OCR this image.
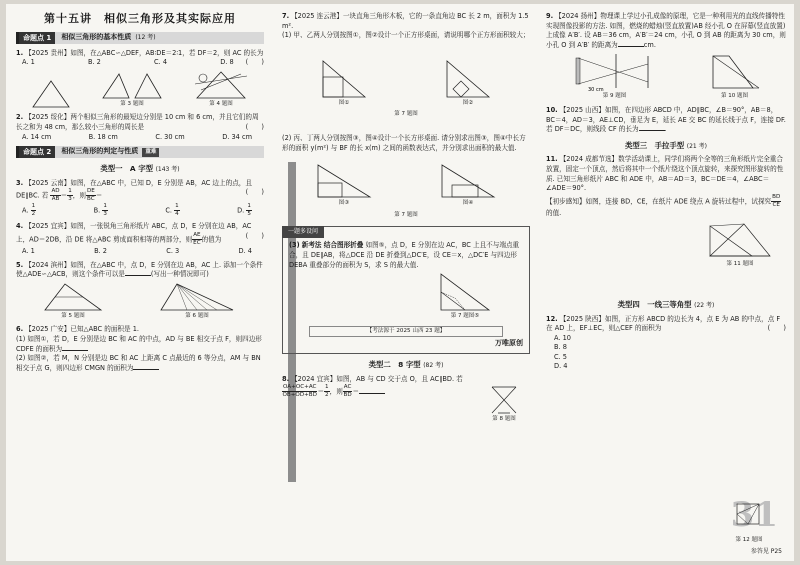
第十五讲　相似三角形及其实际应用
命题点 1	相似三角形的基本性质 (12 考)
1. 【2025 贵州】如图，在△ABC∽△DEF，AB∶DE＝2∶1，若 DF＝2，则 AC 的长为
(　　)
A. 1	B. 2	C. 4	D. 8
第 3 题图	第 4 题图
2. 【2025 绥化】两个相似三角形的最短边分别是 10 cm 和 6 cm，并且它们的周长之和为 48 cm，那么较小三角形的周长是	(　　)
A. 14 cm	B. 18 cm	C. 30 cm	D. 34 cm
命题点 2	相似三角形的判定与性质	重难
类型一　A 字型 (143 考)
3. 【2025 云南】如图，在△ABC 中，已知 D，E 分别是 AB，AC 边上的点，且 DE∥BC. 若 $\frac{AD}{AB}= \frac{1}{3}$，则 $\frac{DE}{BC}=$	(　　)
A. $\frac{1}{2}$	B. $\frac{1}{3}$	C. $\frac{1}{4}$	D. $\frac{1}{5}$
4. 【2025 宜宾】如图，一张锐角三角形纸片 ABC，点 D，E 分别在边 AB，AC 上，AD＝2DB，沿 DE 将△ABC 剪成面积相等的两部分，则 $\frac{AE}{EC}$的值为	(　　)
A. 1	B. 2	C. 3	D. 4
5. 【2024 滨州】如图，在△ABC 中，点 D，E 分别在边 AB，AC 上. 添加一个条件使△ADE∽△ACB，则这个条件可以是	(写出一种情况即可)
第 5 题图	第 6 题图
6. 【2025 广安】已知△ABC 的面积是 1.
(1) 如图①，若 D，E 分别是边 BC 和 AC 的中点，AD 与 BE 相交于点 F，则四边形 CDFE 的面积为
(2) 如图②，若 M，N 分别是边 BC 和 AC 上距离 C 点最近的 6 等分点，AM 与 BN 相交于点 G，则四边形 CMGN 的面积为
7. 【2025 连云港】一块直角三角形木板，它的一条直角边 BC 长 2 m，面积为 1.5 m².
(1) 甲、乙两人分别按图①，图②设计一个正方形桌面，请说明哪个正方形面积较大；
图①	图②
第 7 题图
(2) 丙、丁两人分别按图③，图④设计一个长方形桌面. 请分别求出图③，图④中长方形的面积 y(m²) 与 BF 的长 x(m) 之间的函数表达式，并分别求出面积的最大值.
图③	图④
第 7 题图
一题多设问
(3) 新考法 结合图形折叠 如图⑤，点 D，E 分别在边 AC，BC 上且不与端点重合，且 DE∥AB，将△DCE 沿 DE 折叠到△DC′E，设 CE＝x，△DC′E 与四边形 DEBA 重叠部分的面积为 S，求 S 的最大值.
第 7 题图⑤
【考法源于 2025 山西 23 题】
万唯原创
类型二　8 字型 (82 考)
8. 【2024 宜宾】如图，AB 与 CD 交于点 O，且 AC∥BD. 若

$\frac{OA+OC+AC}{OB+OD+BD}= \frac{1}{2}$，则 $\frac{AC}{BD}=$
第 8 题图
9. 【2024 扬州】物理课上学过小孔成像的原理，它是一种利用光的直线传播特性实现图像投影的方法. 如图，燃烧的蜡烛(竖直放置)AB 经小孔 O 在屏幕(竖直放置)上成像 A′B′. 设 AB＝36 cm，A′B′＝24 cm，小孔 O 到 AB 的距离为 30 cm，则小孔 O 到 A′B′ 的距离为	cm.
30 cm
第 9 题图	第 10 题图
10. 【2025 山西】如图，在四边形 ABCD 中，AD∥BC，∠B＝90°，AB＝8，BC＝4，AD＝3，AE⊥CD，垂足为 E，延长 AE 交 BC 的延长线于点 F，连接 DF. 若 DF＝DC，则线段 CF 的长为	.
类型三　手拉手型 (21 考)
11. 【2024 成都节选】数学活动课上，同学们将两个全等的三角形纸片完全重合放置，固定一个顶点，然后将其中一个纸片绕这个顶点旋转，来探究图形旋转的性质. 已知三角形纸片 ABC 和 ADE 中，AB＝AD＝3，BC＝DE＝4，∠ABC＝∠ADE＝90°.
【初步感知】如图，连接 BD，CE，在纸片 ADE 绕点 A 旋转过程中，试探究 $\frac{BD}{CE}$的值.
第 11 题图
类型四　一线三等角型 (22 考)
12. 【2025 陕西】如图，正方形 ABCD 的边长为 4，点 E 为 AB 的中点，点 F 在 AD 上，EF⊥EC，则△CEF 的面积为	(　　)
A. 10
B. 8
C. 5
D. 4
31
第 12 题图
参答见 P25
